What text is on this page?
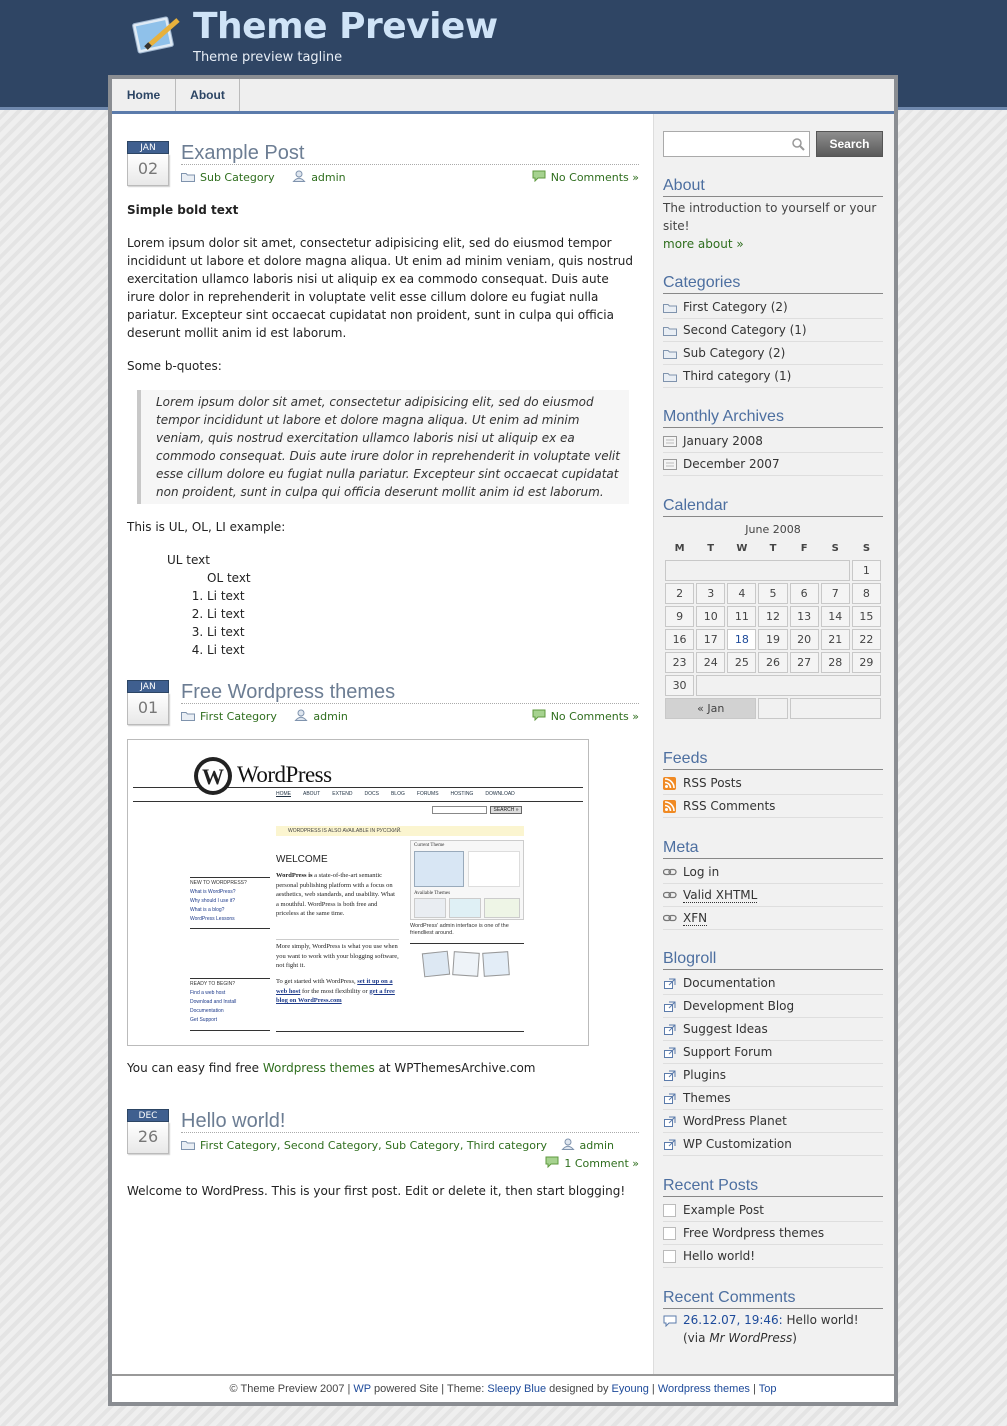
Theme Preview
Theme preview tagline
Home	About
JAN
02
Example Post
Sub Category	admin	No Comments »

Simple bold text

Lorem ipsum dolor sit amet, consectetur adipisicing elit, sed do eiusmod tempor incididunt ut labore et dolore magna aliqua. Ut enim ad minim veniam, quis nostrud exercitation ullamco laboris nisi ut aliquip ex ea commodo consequat. Duis aute irure dolor in reprehenderit in voluptate velit esse cillum dolore eu fugiat nulla pariatur. Excepteur sint occaecat cupidatat non proident, sunt in culpa qui officia deserunt mollit anim id est laborum.

Some b-quotes:

Lorem ipsum dolor sit amet, consectetur adipisicing elit, sed do eiusmod tempor incididunt ut labore et dolore magna aliqua. Ut enim ad minim veniam, quis nostrud exercitation ullamco laboris nisi ut aliquip ex ea commodo consequat. Duis aute irure dolor in reprehenderit in voluptate velit esse cillum dolore eu fugiat nulla pariatur. Excepteur sint occaecat cupidatat non proident, sunt in culpa qui officia deserunt mollit anim id est laborum.

This is UL, OL, LI example:

UL text
OL text
1. Li text
2. Li text
3. Li text
4. Li text
JAN
01
Free Wordpress themes
First Category	admin	No Comments »
W WordPress
HOME ABOUT EXTEND DOCS BLOG FORUMS HOSTING DOWNLOAD
SEARCH »
WORDPRESS IS ALSO AVAILABLE IN РУССКИЙ.
WELCOME
WordPress is a state-of-the-art semantic personal publishing platform with a focus on aesthetics, web standards, and usability. What a mouthful. WordPress is both free and priceless at the same time.
More simply, WordPress is what you use when you want to work with your blogging software, not fight it.
To get started with WordPress, set it up on a web host for the most flexibility or get a free blog on WordPress.com
NEW TO WORDPRESS?
What is WordPress?
Why should I use it?
What is a blog?
WordPress Lessons
READY TO BEGIN?
Find a web host
Download and Install
Documentation
Get Support
Current Theme
Available Themes
WordPress' admin interface is one of the friendliest around.

You can easy find free Wordpress themes at WPThemesArchive.com

DEC
26
Hello world!
First Category, Second Category, Sub Category, Third category	admin
1 Comment »

Welcome to WordPress. This is your first post. Edit or delete it, then start blogging!

Search
About
The introduction to yourself or your site!
more about »
Categories
First Category (2)
Second Category (1)
Sub Category (2)
Third category (1)
Monthly Archives
January 2008
December 2007
Calendar
June 2008
M	T	W	T	F	S	S
						1
2	3	4	5	6	7	8
9	10	11	12	13	14	15
16	17	18	19	20	21	22
23	24	25	26	27	28	29
30						
« Jan						
Feeds
RSS Posts
RSS Comments
Meta
Log in
Valid XHTML
XFN
Blogroll
Documentation
Development Blog
Suggest Ideas
Support Forum
Plugins
Themes
WordPress Planet
WP Customization
Recent Posts
Example Post
Free Wordpress themes
Hello world!
Recent Comments
26.12.07, 19:46: Hello world! (via Mr WordPress)
© Theme Preview 2007 | WP powered Site | Theme: Sleepy Blue designed by Eyoung | Wordpress themes | Top
